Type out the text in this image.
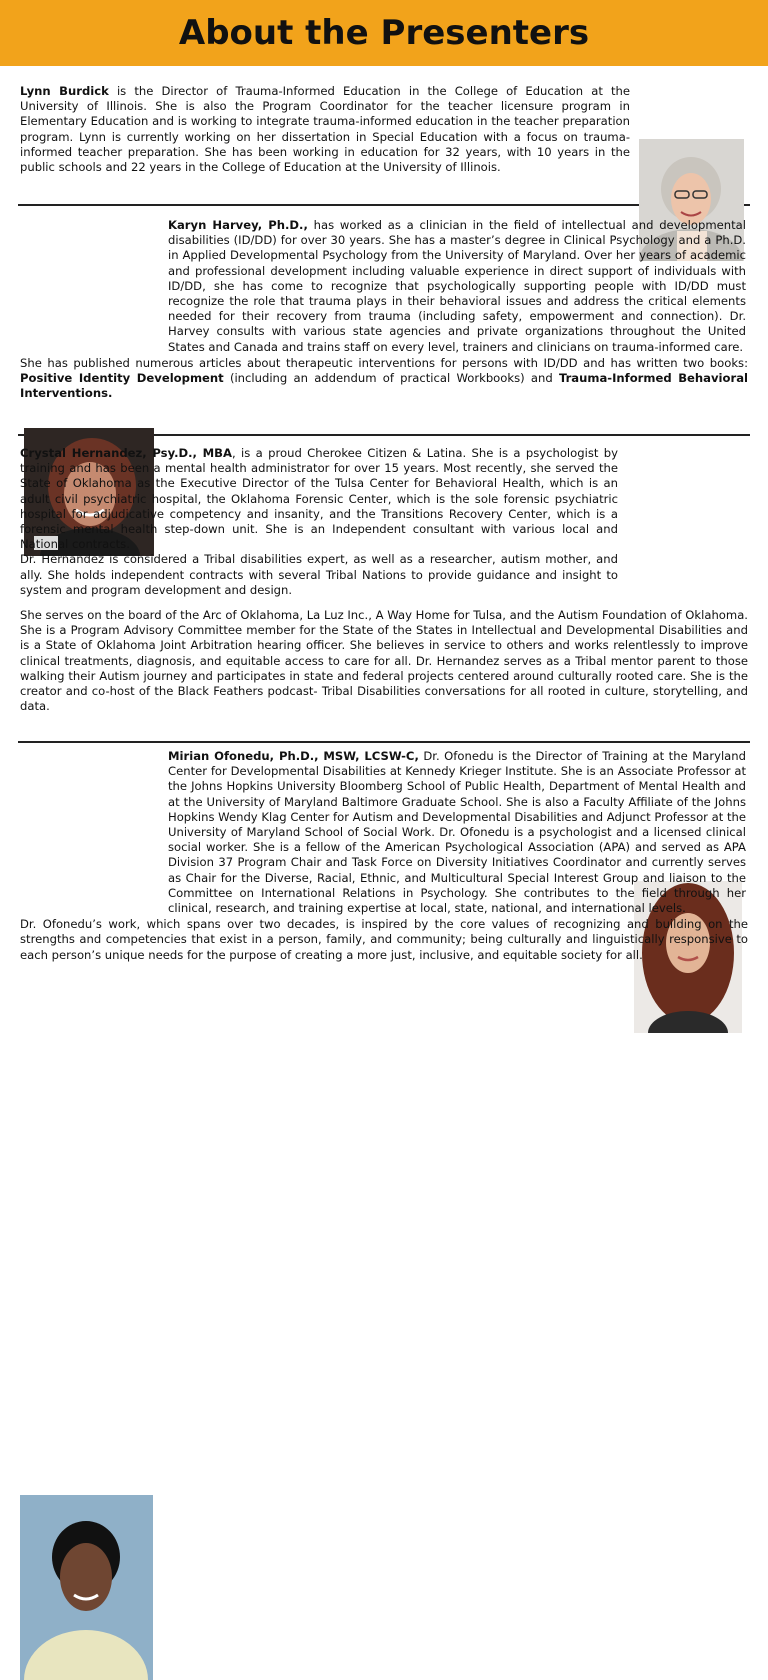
About the Presenters

Lynn Burdick is the Director of Trauma-Informed Education in the College of Education at the University of Illinois. She is also the Program Coordinator for the teacher licensure program in Elementary Education and is working to integrate trauma-informed education in the teacher preparation program. Lynn is currently working on her dissertation in Special Education with a focus on trauma-informed teacher preparation. She has been working in education for 32 years, with 10 years in the public schools and 22 years in the College of Education at the University of Illinois.

Karyn Harvey, Ph.D., has worked as a clinician in the field of intellectual and developmental disabilities (ID/DD) for over 30 years. She has a master’s degree in Clinical Psychology and a Ph.D. in Applied Developmental Psychology from the University of Maryland. Over her years of academic and professional development including valuable experience in direct support of individuals with ID/DD, she has come to recognize that psychologically supporting people with ID/DD must recognize the role that trauma plays in their behavioral issues and address the critical elements needed for their recovery from trauma (including safety, empowerment and connection). Dr. Harvey consults with various state agencies and private organizations throughout the United States and Canada and trains staff on every level, trainers and clinicians on trauma-informed care.

She has published numerous articles about therapeutic interventions for persons with ID/DD and has written two books: Positive Identity Development (including an addendum of practical Workbooks) and Trauma-Informed Behavioral Interventions.

Crystal Hernandez, Psy.D., MBA, is a proud Cherokee Citizen & Latina. She is a psychologist by training and has been a mental health administrator for over 15 years. Most recently, she served the State of Oklahoma as the Executive Director of the Tulsa Center for Behavioral Health, which is an adult civil psychiatric hospital, the Oklahoma Forensic Center, which is the sole forensic psychiatric hospital for adjudicative competency and insanity, and the Transitions Recovery Center, which is a forensic mental health step-down unit. She is an Independent consultant with various local and National contracts.

Dr. Hernandez is considered a Tribal disabilities expert, as well as a researcher, autism mother, and ally. She holds independent contracts with several Tribal Nations to provide guidance and insight to system and program development and design.

She serves on the board of the Arc of Oklahoma, La Luz Inc., A Way Home for Tulsa, and the Autism Foundation of Oklahoma. She is a Program Advisory Committee member for the State of the States in Intellectual and Developmental Disabilities and is a State of Oklahoma Joint Arbitration hearing officer. She believes in service to others and works relentlessly to improve clinical treatments, diagnosis, and equitable access to care for all. Dr. Hernandez serves as a Tribal mentor parent to those walking their Autism journey and participates in state and federal projects centered around culturally rooted care. She is the creator and co-host of the Black Feathers podcast- Tribal Disabilities conversations for all rooted in culture, storytelling, and data.

Mirian Ofonedu, Ph.D., MSW, LCSW-C, Dr. Ofonedu is the Director of Training at the Maryland Center for Developmental Disabilities at Kennedy Krieger Institute. She is an Associate Professor at the Johns Hopkins University Bloomberg School of Public Health, Department of Mental Health and at the University of Maryland Baltimore Graduate School. She is also a Faculty Affiliate of the Johns Hopkins Wendy Klag Center for Autism and Developmental Disabilities and Adjunct Professor at the University of Maryland School of Social Work. Dr. Ofonedu is a psychologist and a licensed clinical social worker. She is a fellow of the American Psychological Association (APA) and served as APA Division 37 Program Chair and Task Force on Diversity Initiatives Coordinator and currently serves as Chair for the Diverse, Racial, Ethnic, and Multicultural Special Interest Group and liaison to the Committee on International Relations in Psychology. She contributes to the field through her clinical, research, and training expertise at local, state, national, and international levels.

Dr. Ofonedu’s work, which spans over two decades, is inspired by the core values of recognizing and building on the strengths and competencies that exist in a person, family, and community; being culturally and linguistically responsive to each person’s unique needs for the purpose of creating a more just, inclusive, and equitable society for all.
